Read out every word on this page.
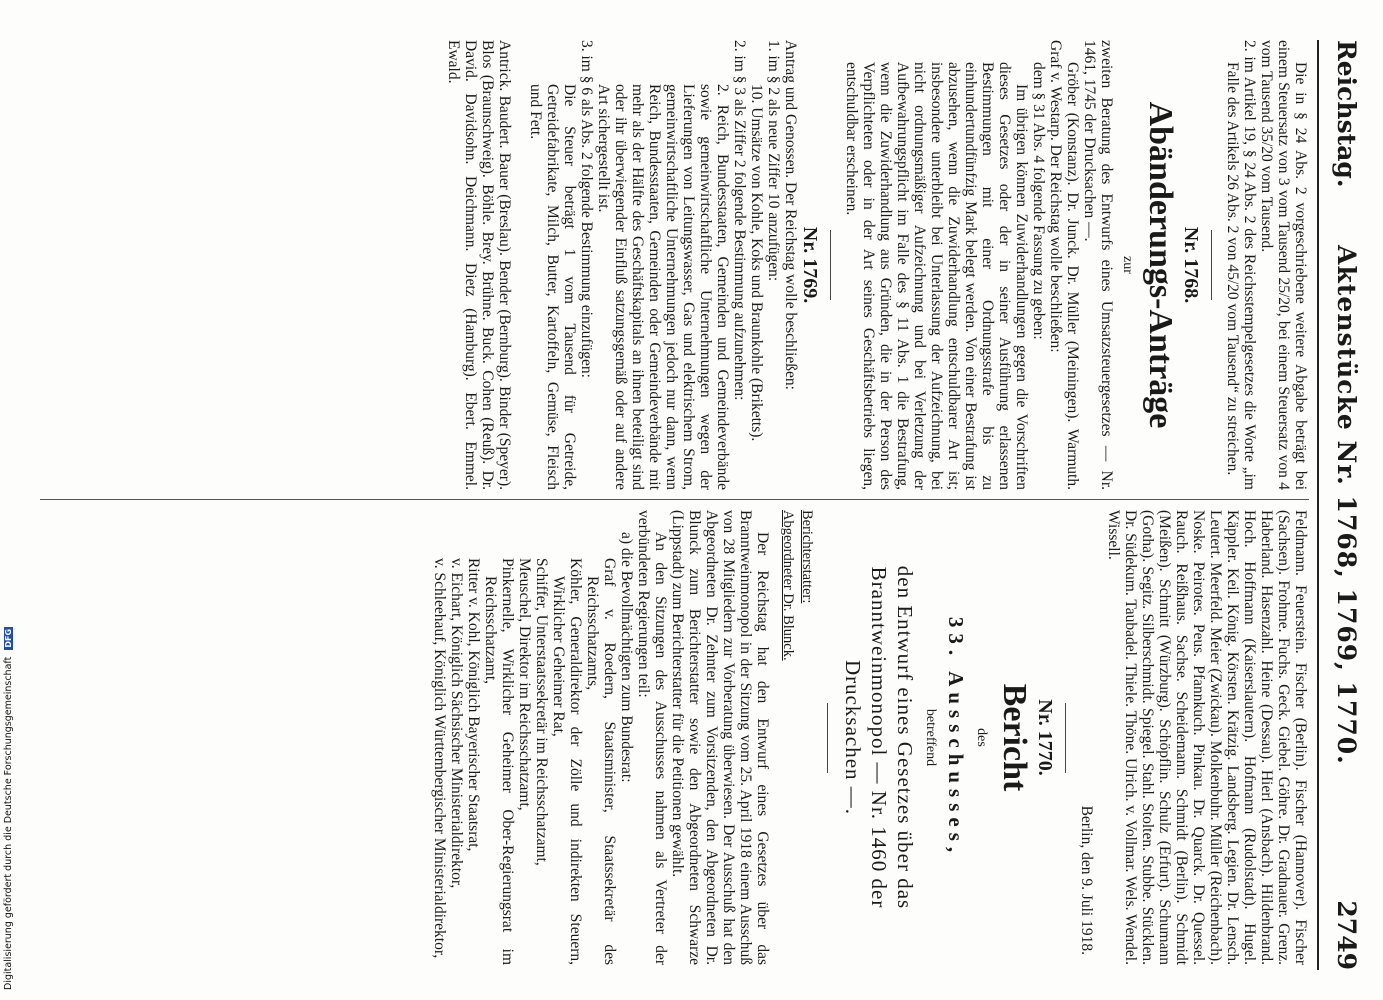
Reichstag.
Aktenstücke Nr. 1768, 1769, 1770.
2749

Die in § 24 Abs. 2 vorgeschriebene weitere Abgabe beträgt bei einem Steuersatz von 3 vom Tausend 25/20, bei einem Steuersatz von 4 vom Tausend 35/20 vom Tausend.

2. im Artikel 19, § 24 Abs. 2 des Reichsstempelgesetzes die Worte „im Falle des Artikels 26 Abs. 2 von 45/20 vom Tausend“ zu streichen.

Nr. 1768.
Abänderungs-Anträge
zur

zweiten Beratung des Entwurfs eines Umsatzsteuergesetzes — Nr. 1461, 1745 der Drucksachen —.

Gröber (Konstanz). Dr. Junck. Dr. Müller (Meiningen). Warmuth. Graf v. Westarp. Der Reichstag wolle beschließen:

dem § 31 Abs. 4 folgende Fassung zu geben:

Im übrigen können Zuwiderhandlungen gegen die Vorschriften dieses Gesetzes oder der in seiner Ausführung erlassenen Bestimmungen mit einer Ordnungsstrafe bis zu einhundertundfünfzig Mark belegt werden. Von einer Bestrafung ist abzusehen, wenn die Zuwiderhandlung entschuldbarer Art ist; insbesondere unterbleibt bei Unterlassung der Aufzeichnung, bei nicht ordnungsmäßiger Aufzeichnung und bei Verletzung der Aufbewahrungspflicht im Falle des § 11 Abs. 1 die Bestrafung, wenn die Zuwiderhandlung aus Gründen, die in der Person des Verpflichteten oder in der Art seines Geschäftsbetriebs liegen, entschuldbar erscheinen.

Nr. 1769.

Antrag und Genossen. Der Reichstag wolle beschließen:

1. im § 2 als neue Ziffer 10 anzufügen:

10. Umsätze von Kohle, Koks und Braunkohle (Briketts).

2. im § 3 als Ziffer 2 folgende Bestimmung aufzunehmen:

2. Reich, Bundesstaaten, Gemeinden und Gemeindeverbände sowie gemeinwirtschaftliche Unternehmungen wegen der Lieferungen von Leitungswasser, Gas und elektrischem Strom, gemeinwirtschaftliche Unternehmungen jedoch nur dann, wenn Reich, Bundesstaaten, Gemeinden oder Gemeindeverbände mit mehr als der Hälfte des Geschäftskapitals an ihnen beteiligt sind oder ihr überwiegender Einfluß satzungsgemäß oder auf andere Art sichergestellt ist.

3. im § 6 als Abs. 2 folgende Bestimmung einzufügen:

Die Steuer beträgt 1 vom Tausend für Getreide, Getreidefabrikate, Milch, Butter, Kartoffeln, Gemüse, Fleisch und Fett.

Antrick. Baudert. Bauer (Breslau). Bender (Bernburg). Binder (Speyer). Blos (Braunschweig). Böhle. Brey. Brühne. Buck. Cohen (Reuß). Dr. David. Davidsohn. Deichmann. Dietz (Hamburg). Ebert. Emmel. Ewald.

Feldmann. Feuerstein. Fischer (Berlin). Fischer (Hannover). Fischer (Sachsen). Frohme. Fuchs. Geck. Giebel. Göhre. Dr. Gradnauer. Grenz. Haberland. Hasenzahl. Heine (Dessau). Hierl (Ansbach). Hildenbrand. Hoch. Hoffmann (Kaiserslautern). Hofmann (Rudolstadt). Hugel. Käppler. Keil. König. Körsten. Krätzig. Landsberg. Legien. Dr. Lensch. Leutert. Meerfeld. Meier (Zwickau). Molkenbuhr. Müller (Reichenbach). Noske. Peirotes. Peus. Pfannkuch. Pinkau. Dr. Quarck. Dr. Quessel. Rauch. Reißhaus. Sachse. Scheidemann. Schmidt (Berlin). Schmidt (Meißen). Schmitt (Würzburg). Schöpflin. Schulz (Erfurt). Schumann (Gotha). Segitz. Silberschmidt. Spiegel. Stahl. Stolten. Stubbe. Stücklen. Dr. Südekum. Taubadel. Thiele. Thöne. Ulrich. v. Vollmar. Wels. Wendel. Wissell.

Berlin, den 9. Juli 1918.
Nr. 1770.
Bericht
des
33. Ausschusses,
betreffend
den Entwurf eines Gesetzes über das Branntweinmonopol — Nr. 1460 der Drucksachen —.
Berichterstatter:
Abgeordneter Dr. Blunck.

Der Reichstag hat den Entwurf eines Gesetzes über das Branntweinmonopol in der Sitzung vom 25. April 1918 einem Ausschuß von 28 Mitgliedern zur Vorberatung überwiesen. Der Ausschuß hat den Abgeordneten Dr. Zehnter zum Vorsitzenden, den Abgeordneten Dr. Blunck zum Berichterstatter sowie den Abgeordneten Schwarze (Lippstadt) zum Berichterstatter für die Petitionen gewählt.

An den Sitzungen des Ausschusses nahmen als Vertreter der verbündeten Regierungen teil:

a) die Bevollmächtigten zum Bundesrat:

Graf v. Roedern, Staatsminister, Staatssekretär des Reichsschatzamts,

Köhler, Generaldirektor der Zölle und indirekten Steuern, Wirklicher Geheimer Rat,

Schiffer, Unterstaatssekretär im Reichsschatzamt,

Meuschel, Direktor im Reichsschatzamt,

Pinkernelle, Wirklicher Geheimer Ober-Regierungsrat im Reichsschatzamt,

Ritter v. Kohl, Königlich Bayerischer Staatsrat,

v. Eichart, Königlich Sächsischer Ministerialdirektor,

v. Schleehauf, Königlich Württembergischer Ministerialdirektor,

Digitalisierung gefördert durch die Deutsche Forschungsgemeinschaft DFG
